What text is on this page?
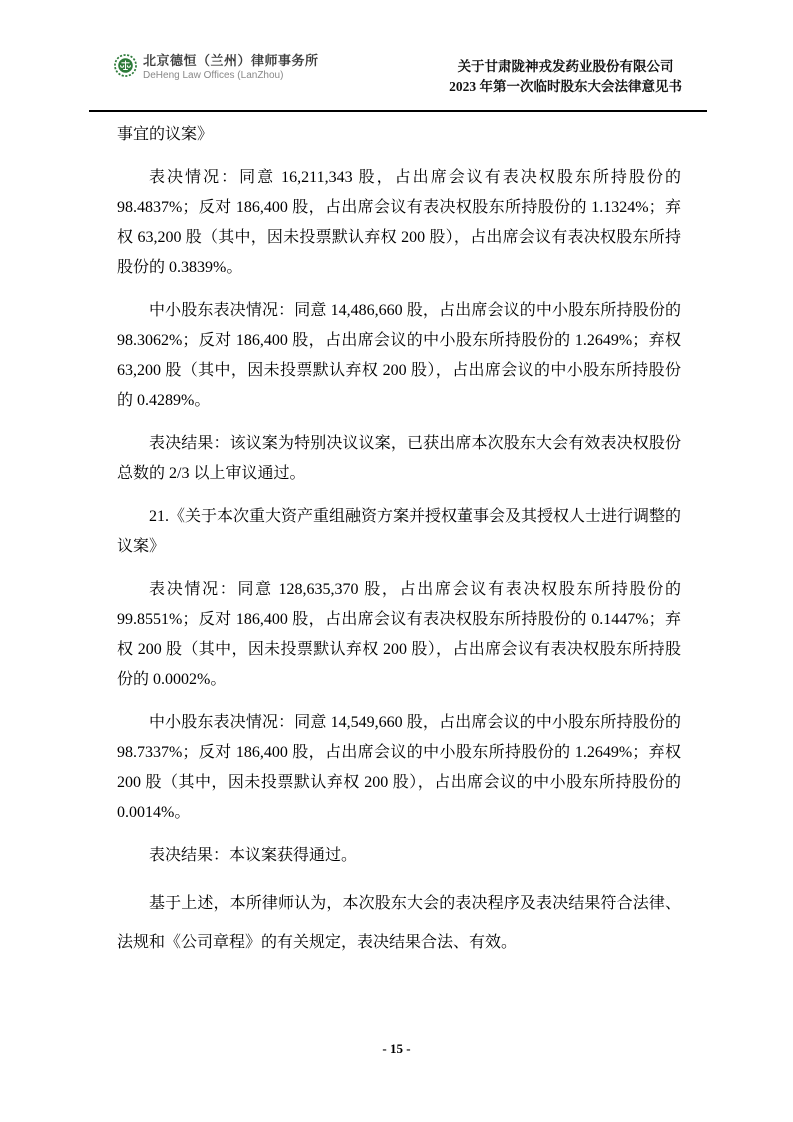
北京德恒（兰州）律师事务所
DeHeng Law Offices (LanZhou)
关于甘肃陇神戎发药业股份有限公司
2023 年第一次临时股东大会法律意见书

事宜的议案》

表决情况：同意 16,211,343 股，占出席会议有表决权股东所持股份的 98.4837%；反对 186,400 股，占出席会议有表决权股东所持股份的 1.1324%；弃权 63,200 股（其中，因未投票默认弃权 200 股），占出席会议有表决权股东所持股份的 0.3839%。

中小股东表决情况：同意 14,486,660 股，占出席会议的中小股东所持股份的 98.3062%；反对 186,400 股，占出席会议的中小股东所持股份的 1.2649%；弃权 63,200 股（其中，因未投票默认弃权 200 股），占出席会议的中小股东所持股份的 0.4289%。

表决结果：该议案为特别决议议案，已获出席本次股东大会有效表决权股份总数的 2/3 以上审议通过。

21.《关于本次重大资产重组融资方案并授权董事会及其授权人士进行调整的议案》

表决情况：同意 128,635,370 股，占出席会议有表决权股东所持股份的 99.8551%；反对 186,400 股，占出席会议有表决权股东所持股份的 0.1447%；弃权 200 股（其中，因未投票默认弃权 200 股），占出席会议有表决权股东所持股份的 0.0002%。

中小股东表决情况：同意 14,549,660 股，占出席会议的中小股东所持股份的 98.7337%；反对 186,400 股，占出席会议的中小股东所持股份的 1.2649%；弃权 200 股（其中，因未投票默认弃权 200 股），占出席会议的中小股东所持股份的 0.0014%。

表决结果：本议案获得通过。

基于上述，本所律师认为，本次股东大会的表决程序及表决结果符合法律、法规和《公司章程》的有关规定，表决结果合法、有效。

- 15 -
